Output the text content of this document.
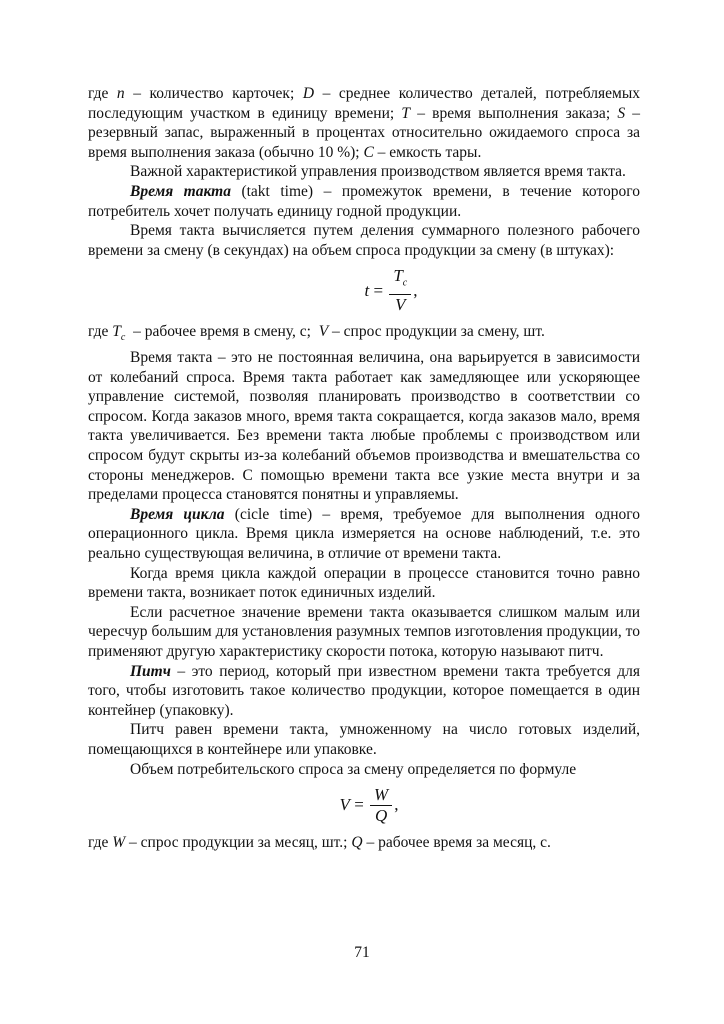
где n – количество карточек; D – среднее количество деталей, потребляемых последующим участком в единицу времени; T – время выполнения заказа; S – резервный запас, выраженный в процентах относительно ожидаемого спроса за время выполнения заказа (обычно 10 %); C – емкость тары.

Важной характеристикой управления производством является время такта.

Время такта (takt time) – промежуток времени, в течение которого потребитель хочет получать единицу годной продукции.

Время такта вычисляется путем деления суммарного полезного рабочего времени за смену (в секундах) на объем спроса продукции за смену (в штуках):

$t = \frac{T_c}{V}$ ,

где $T_c$  – рабочее время в смену, с;  V – спрос продукции за смену, шт.

Время такта – это не постоянная величина, она варьируется в зависимости от колебаний спроса. Время такта работает как замедляющее или ускоряющее управление системой, позволяя планировать производство в соответствии со спросом. Когда заказов много, время такта сокращается, когда заказов мало, время такта увеличивается. Без времени такта любые проблемы с производством или спросом будут скрыты из-за колебаний объемов производства и вмешательства со стороны менеджеров. С помощью времени такта все узкие места внутри и за пределами процесса становятся понятны и управляемы.

Время цикла (cicle time) – время, требуемое для выполнения одного операционного цикла. Время цикла измеряется на основе наблюдений, т.е. это реально существующая величина, в отличие от времени такта.

Когда время цикла каждой операции в процессе становится точно равно времени такта, возникает поток единичных изделий.

Если расчетное значение времени такта оказывается слишком малым или чересчур большим для установления разумных темпов изготовления продукции, то применяют другую характеристику скорости потока, которую называют питч.

Питч – это период, который при известном времени такта требуется для того, чтобы изготовить такое количество продукции, которое помещается в один контейнер (упаковку).

Питч равен времени такта, умноженному на число готовых изделий, помещающихся в контейнере или упаковке.

Объем потребительского спроса за смену определяется по формуле

$V = \frac{W}{Q}$ ,

где W – спрос продукции за месяц, шт.; Q – рабочее время за месяц, с.

71
